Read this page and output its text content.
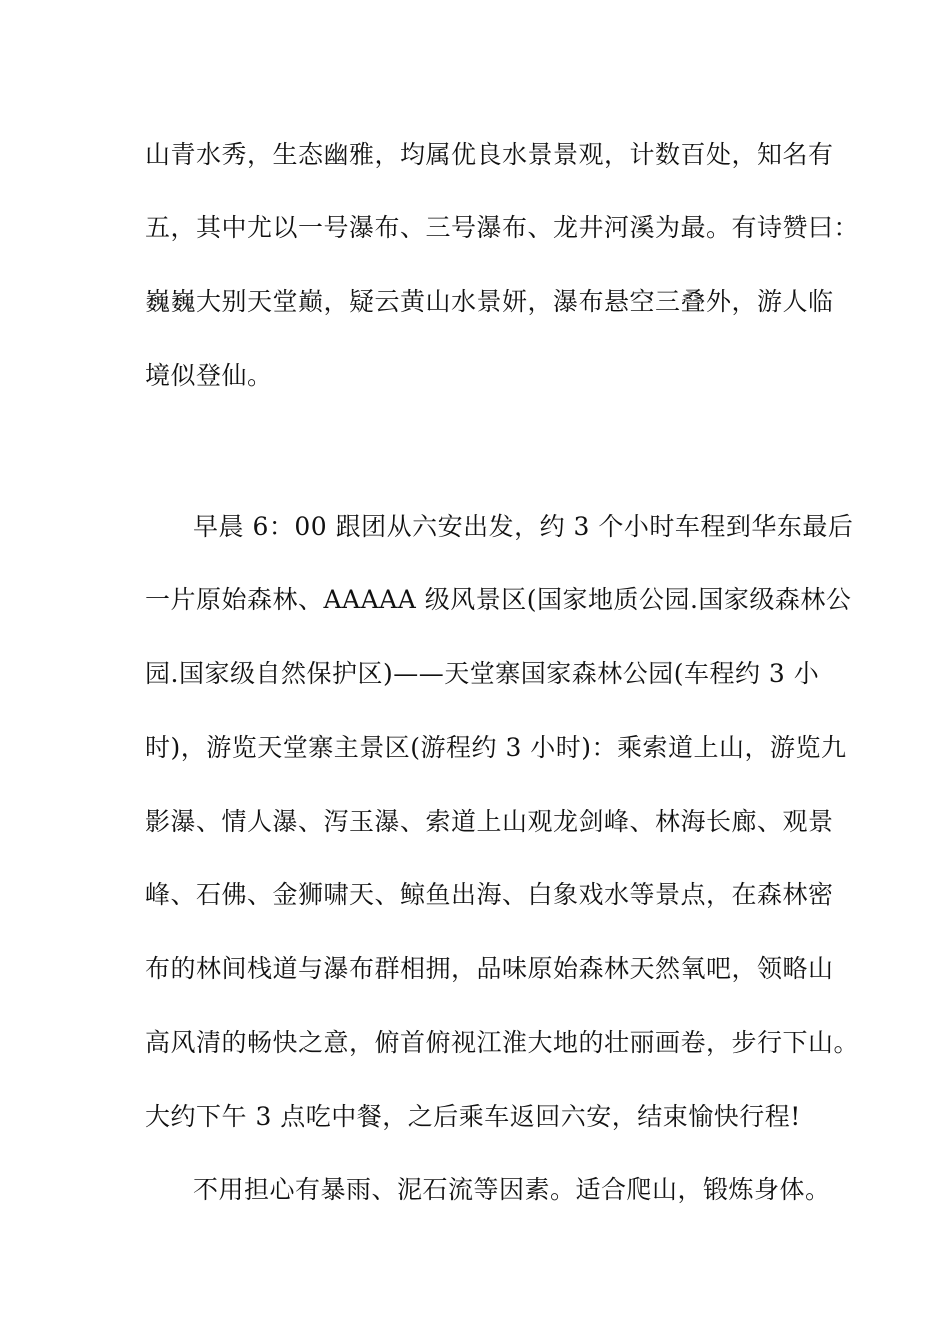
山青水秀，生态幽雅，均属优良水景景观，计数百处，知名有
五，其中尤以一号瀑布、三号瀑布、龙井河溪为最。有诗赞曰：
巍巍大别天堂巅，疑云黄山水景妍，瀑布悬空三叠外，游人临
境似登仙。
早晨 6：00 跟团从六安出发，约 3 个小时车程到华东最后
一片原始森林、AAAAA 级风景区(国家地质公园.国家级森林公
园.国家级自然保护区)——天堂寨国家森林公园(车程约 3 小
时)，游览天堂寨主景区(游程约 3 小时)：乘索道上山，游览九
影瀑、情人瀑、泻玉瀑、索道上山观龙剑峰、林海长廊、观景
峰、石佛、金狮啸天、鲸鱼出海、白象戏水等景点，在森林密
布的林间栈道与瀑布群相拥，品味原始森林天然氧吧，领略山
高风清的畅快之意，俯首俯视江淮大地的壮丽画卷，步行下山。
大约下午 3 点吃中餐，之后乘车返回六安，结束愉快行程!
不用担心有暴雨、泥石流等因素。适合爬山，锻炼身体。
